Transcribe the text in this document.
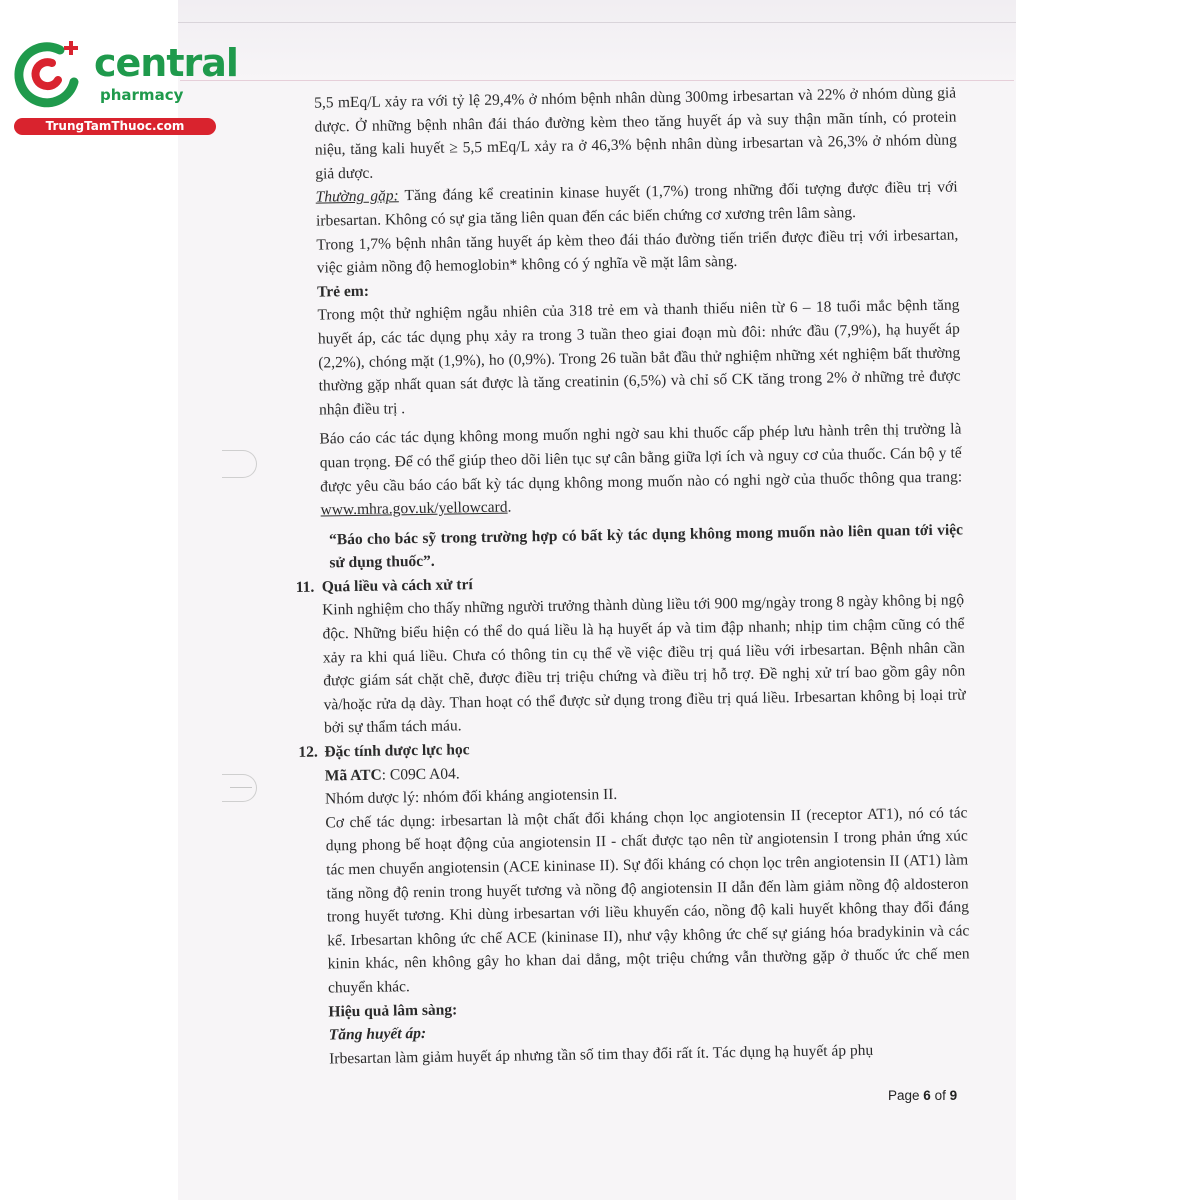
central
pharmacy
TrungTamThuoc.com

5,5 mEq/L xảy ra với tỷ lệ 29,4% ở nhóm bệnh nhân dùng 300mg irbesartan và 22% ở nhóm dùng giả dược. Ở những bệnh nhân đái tháo đường kèm theo tăng huyết áp và suy thận mãn tính, có protein niệu, tăng kali huyết ≥ 5,5 mEq/L xảy ra ở 46,3% bệnh nhân dùng irbesartan và 26,3% ở nhóm dùng giả dược.

Thường gặp: Tăng đáng kể creatinin kinase huyết (1,7%) trong những đối tượng được điều trị với irbesartan. Không có sự gia tăng liên quan đến các biến chứng cơ xương trên lâm sàng.

Trong 1,7% bệnh nhân tăng huyết áp kèm theo đái tháo đường tiến triển được điều trị với irbesartan, việc giảm nồng độ hemoglobin* không có ý nghĩa về mặt lâm sàng.

Trẻ em:

Trong một thử nghiệm ngẫu nhiên của 318 trẻ em và thanh thiếu niên từ 6 – 18 tuổi mắc bệnh tăng huyết áp, các tác dụng phụ xảy ra trong 3 tuần theo giai đoạn mù đôi: nhức đầu (7,9%), hạ huyết áp (2,2%), chóng mặt (1,9%), ho (0,9%). Trong 26 tuần bắt đầu thử nghiệm những xét nghiệm bất thường thường gặp nhất quan sát được là tăng creatinin (6,5%) và chỉ số CK tăng trong 2% ở những trẻ được nhận điều trị .

Báo cáo các tác dụng không mong muốn nghi ngờ sau khi thuốc cấp phép lưu hành trên thị trường là quan trọng. Để có thể giúp theo dõi liên tục sự cân bằng giữa lợi ích và nguy cơ của thuốc. Cán bộ y tế được yêu cầu báo cáo bất kỳ tác dụng không mong muốn nào có nghi ngờ của thuốc thông qua trang: www.mhra.gov.uk/yellowcard.

“Báo cho bác sỹ trong trường hợp có bất kỳ tác dụng không mong muốn nào liên quan tới việc sử dụng thuốc”.

11. Quá liều và cách xử trí

Kinh nghiệm cho thấy những người trưởng thành dùng liều tới 900 mg/ngày trong 8 ngày không bị ngộ độc. Những biểu hiện có thể do quá liều là hạ huyết áp và tim đập nhanh; nhịp tim chậm cũng có thể xảy ra khi quá liều. Chưa có thông tin cụ thể về việc điều trị quá liều với irbesartan. Bệnh nhân cần được giám sát chặt chẽ, được điều trị triệu chứng và điều trị hỗ trợ. Đề nghị xử trí bao gồm gây nôn và/hoặc rửa dạ dày. Than hoạt có thể được sử dụng trong điều trị quá liều. Irbesartan không bị loại trừ bởi sự thẩm tách máu.

12. Đặc tính dược lực học

Mã ATC: C09C A04.

Nhóm dược lý: nhóm đối kháng angiotensin II.

Cơ chế tác dụng: irbesartan là một chất đối kháng chọn lọc angiotensin II (receptor AT1), nó có tác dụng phong bế hoạt động của angiotensin II - chất được tạo nên từ angiotensin I trong phản ứng xúc tác men chuyển angiotensin (ACE kininase II). Sự đối kháng có chọn lọc trên angiotensin II (AT1) làm tăng nồng độ renin trong huyết tương và nồng độ angiotensin II dẫn đến làm giảm nồng độ aldosteron trong huyết tương. Khi dùng irbesartan với liều khuyến cáo, nồng độ kali huyết không thay đổi đáng kể. Irbesartan không ức chế ACE (kininase II), như vậy không ức chế sự giáng hóa bradykinin và các kinin khác, nên không gây ho khan dai dẳng, một triệu chứng vẫn thường gặp ở thuốc ức chế men chuyển khác.

Hiệu quả lâm sàng:

Tăng huyết áp:

Irbesartan làm giảm huyết áp nhưng tần số tim thay đổi rất ít. Tác dụng hạ huyết áp phụ

Page 6 of 9
